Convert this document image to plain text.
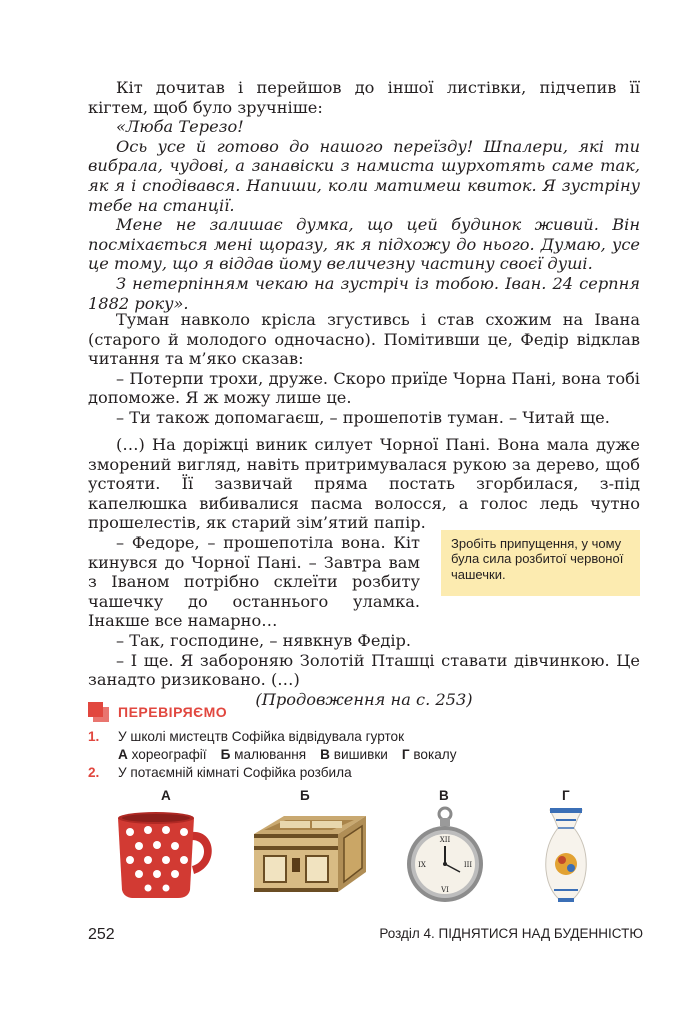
Кіт дочитав і перейшов до іншої листівки, підчепив її кігтем, щоб було зручніше:

«Люба Терезо!

Ось усе й готово до нашого переїзду! Шпалери, які ти вибрала, чудові, а занавіски з намиста шурхотять саме так, як я і сподівався. Напиши, коли матимеш квиток. Я зустріну тебе на станції.

Мене не залишає думка, що цей будинок живий. Він посміхається мені щоразу, як я підхожу до нього. Думаю, усе це тому, що я віддав йому величезну частину своєї душі.

З нетерпінням чекаю на зустріч із тобою. Іван. 24 серпня 1882 року».

Туман навколо крісла згустивсь і став схожим на Івана (старого й молодого одночасно). Помітивши це, Федір відклав читання та м’яко сказав:

– Потерпи трохи, друже. Скоро приїде Чорна Пані, вона тобі допоможе. Я ж можу лише це.

– Ти також допомагаєш, – прошепотів туман. – Читай ще.

(…) На доріжці виник силует Чорної Пані. Вона мала дуже зморений вигляд, навіть притримувалася рукою за дерево, щоб устояти. Її зазвичай пряма постать згорбилася, з-під капелюшка вибивалися пасма волосся, а голос ледь чутно прошелестів, як старий зім’ятий папір.

– Федоре, – прошепотіла вона. Кіт кинувся до Чорної Пані. – Завтра вам з Іваном потрібно склеїти розбиту чашечку до останнього уламка. Інакше все намарно…

– Так, господине, – нявкнув Федір.

– І ще. Я забороняю Золотій Пташці ставати дівчинкою. Це занадто ризиковано. (…)

(Продовження на с. 253)

Зробіть припущення, у чому була сила розбитої червоної чашечки.
ПЕРЕВІРЯЄМО
1.	У школі мистецтв Софійка відвідувала гурток
А хореографії Б малювання В вишивки Г вокалу
2.	У потаємній кімнаті Софійка розбила
А	Б	В	Г
XII
III
VI
IX
252	Розділ 4. ПІДНЯТИСЯ НАД БУДЕННІСТЮ
